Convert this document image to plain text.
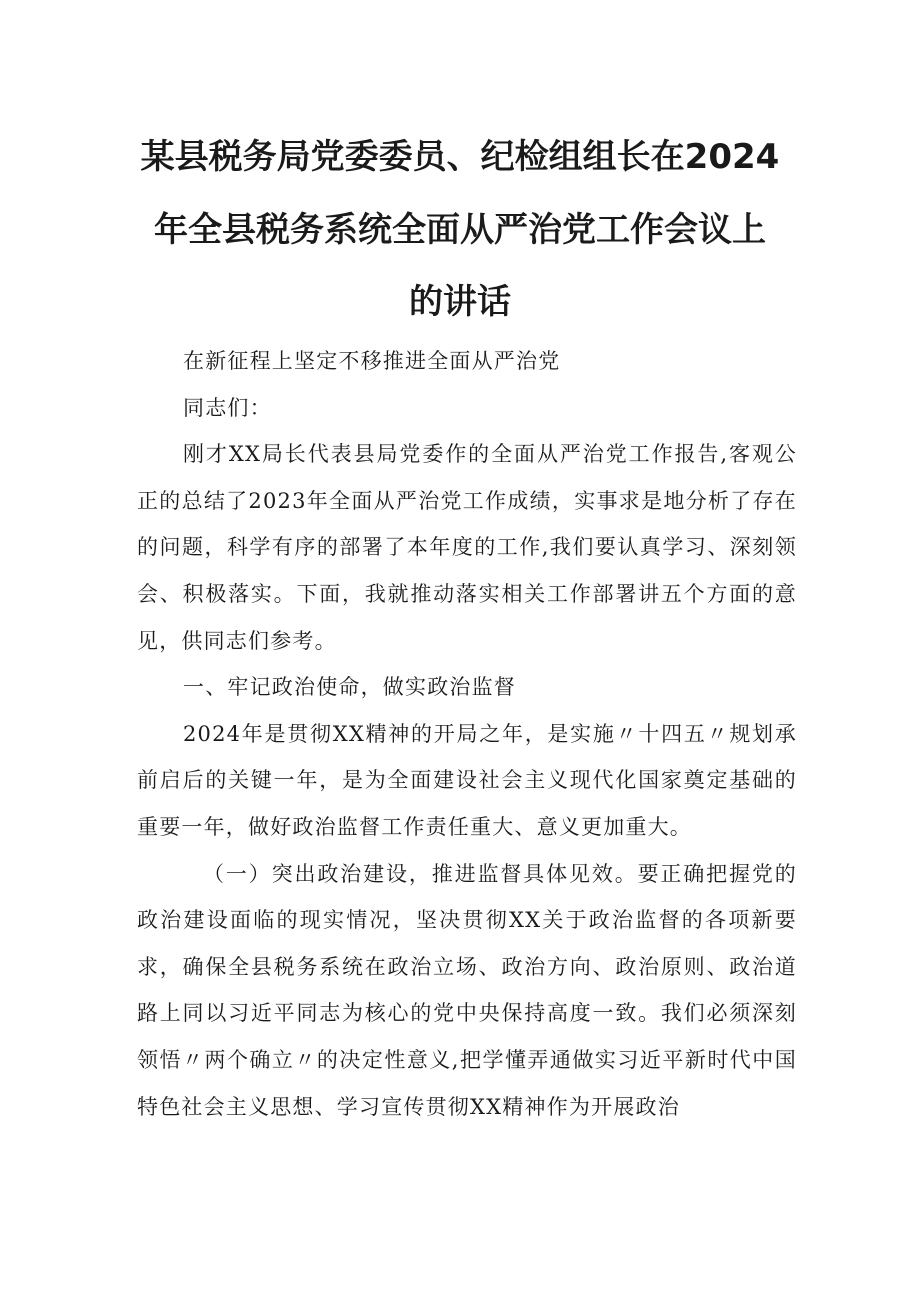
某县税务局党委委员、纪检组组长在2024
年全县税务系统全面从严治党工作会议上
的讲话

在新征程上坚定不移推进全面从严治党

同志们：

刚才XX局长代表县局党委作的全面从严治党工作报告,客观公正的总结了2023年全面从严治党工作成绩，实事求是地分析了存在的问题，科学有序的部署了本年度的工作,我们要认真学习、深刻领会、积极落实。下面，我就推动落实相关工作部署讲五个方面的意见，供同志们参考。

一、牢记政治使命，做实政治监督

2024年是贯彻XX精神的开局之年，是实施〃十四五〃规划承前启后的关键一年，是为全面建设社会主义现代化国家奠定基础的重要一年，做好政治监督工作责任重大、意义更加重大。

（一）突出政治建设，推进监督具体见效。要正确把握党的政治建设面临的现实情况，坚决贯彻XX关于政治监督的各项新要求，确保全县税务系统在政治立场、政治方向、政治原则、政治道路上同以习近平同志为核心的党中央保持高度一致。我们必须深刻领悟〃两个确立〃的决定性意义,把学懂弄通做实习近平新时代中国特色社会主义思想、学习宣传贯彻XX精神作为开展政治
